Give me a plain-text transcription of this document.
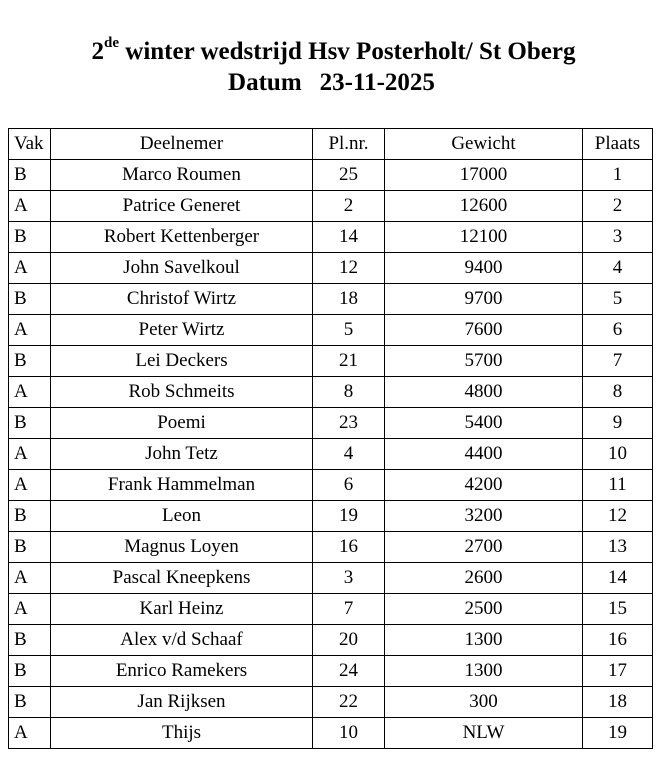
2de winter wedstrijd Hsv Posterholt/ St Oberg
Datum 23-11-2025
Vak	Deelnemer	Pl.nr.	Gewicht	Plaats
B	Marco Roumen	25	17000	1
A	Patrice Generet	2	12600	2
B	Robert Kettenberger	14	12100	3
A	John Savelkoul	12	9400	4
B	Christof Wirtz	18	9700	5
A	Peter Wirtz	5	7600	6
B	Lei Deckers	21	5700	7
A	Rob Schmeits	8	4800	8
B	Poemi	23	5400	9
A	John Tetz	4	4400	10
A	Frank Hammelman	6	4200	11
B	Leon	19	3200	12
B	Magnus Loyen	16	2700	13
A	Pascal Kneepkens	3	2600	14
A	Karl Heinz	7	2500	15
B	Alex v/d Schaaf	20	1300	16
B	Enrico Ramekers	24	1300	17
B	Jan Rijksen	22	300	18
A	Thijs	10	NLW	19
